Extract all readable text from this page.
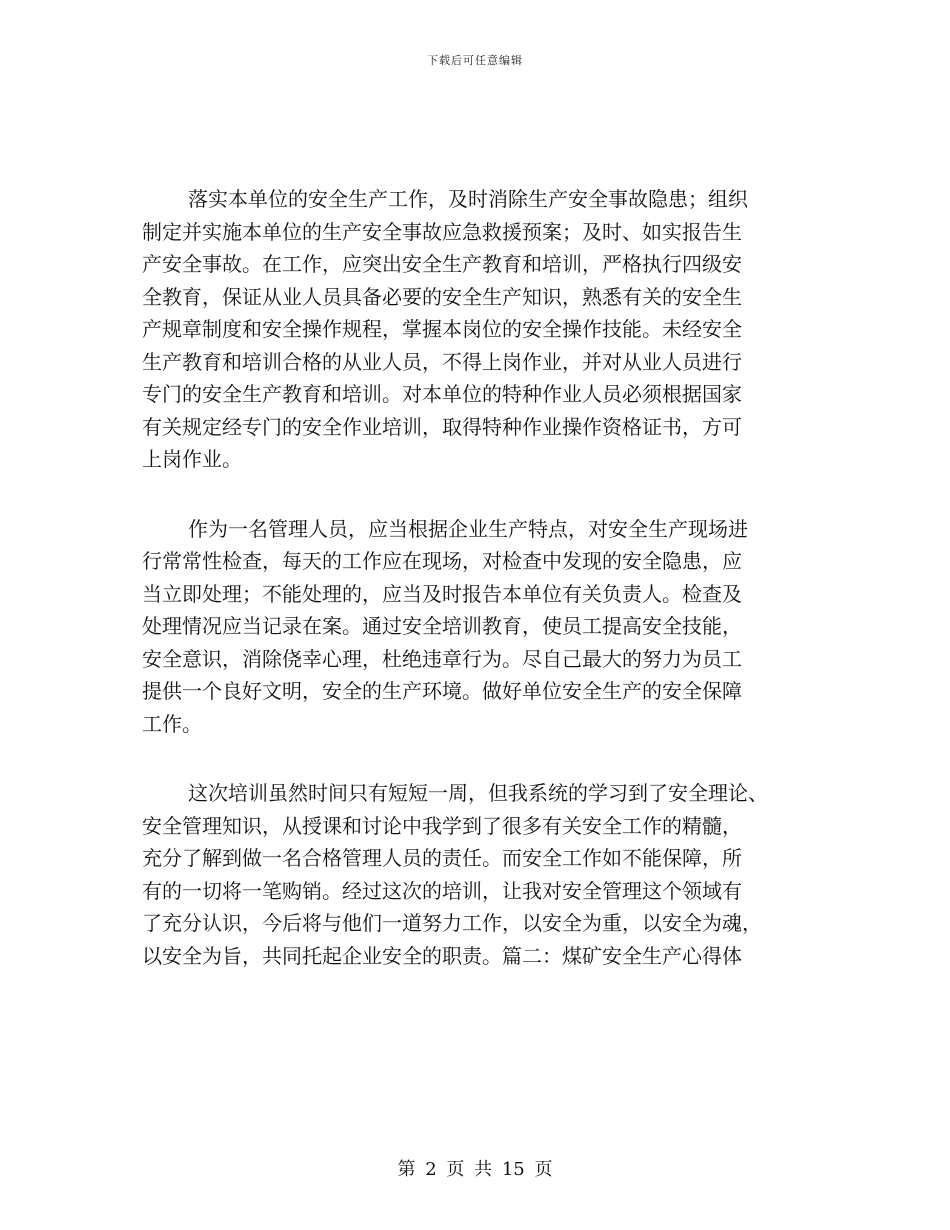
下载后可任意编辑

落实本单位的安全生产工作，及时消除生产安全事故隐患；组织
制定并实施本单位的生产安全事故应急救援预案；及时、如实报告生
产安全事故。在工作，应突出安全生产教育和培训，严格执行四级安
全教育，保证从业人员具备必要的安全生产知识，熟悉有关的安全生
产规章制度和安全操作规程，掌握本岗位的安全操作技能。未经安全
生产教育和培训合格的从业人员，不得上岗作业，并对从业人员进行
专门的安全生产教育和培训。对本单位的特种作业人员必须根据国家
有关规定经专门的安全作业培训，取得特种作业操作资格证书，方可
上岗作业。

作为一名管理人员，应当根据企业生产特点，对安全生产现场进
行常常性检查，每天的工作应在现场，对检查中发现的安全隐患，应
当立即处理；不能处理的，应当及时报告本单位有关负责人。检查及
处理情况应当记录在案。通过安全培训教育，使员工提高安全技能，
安全意识，消除侥幸心理，杜绝违章行为。尽自己最大的努力为员工
提供一个良好文明，安全的生产环境。做好单位安全生产的安全保障
工作。

这次培训虽然时间只有短短一周，但我系统的学习到了安全理论、
安全管理知识，从授课和讨论中我学到了很多有关安全工作的精髓，
充分了解到做一名合格管理人员的责任。而安全工作如不能保障，所
有的一切将一笔购销。经过这次的培训，让我对安全管理这个领域有
了充分认识，今后将与他们一道努力工作，以安全为重，以安全为魂，
以安全为旨，共同托起企业安全的职责。篇二：煤矿安全生产心得体

第 2 页 共 15 页
